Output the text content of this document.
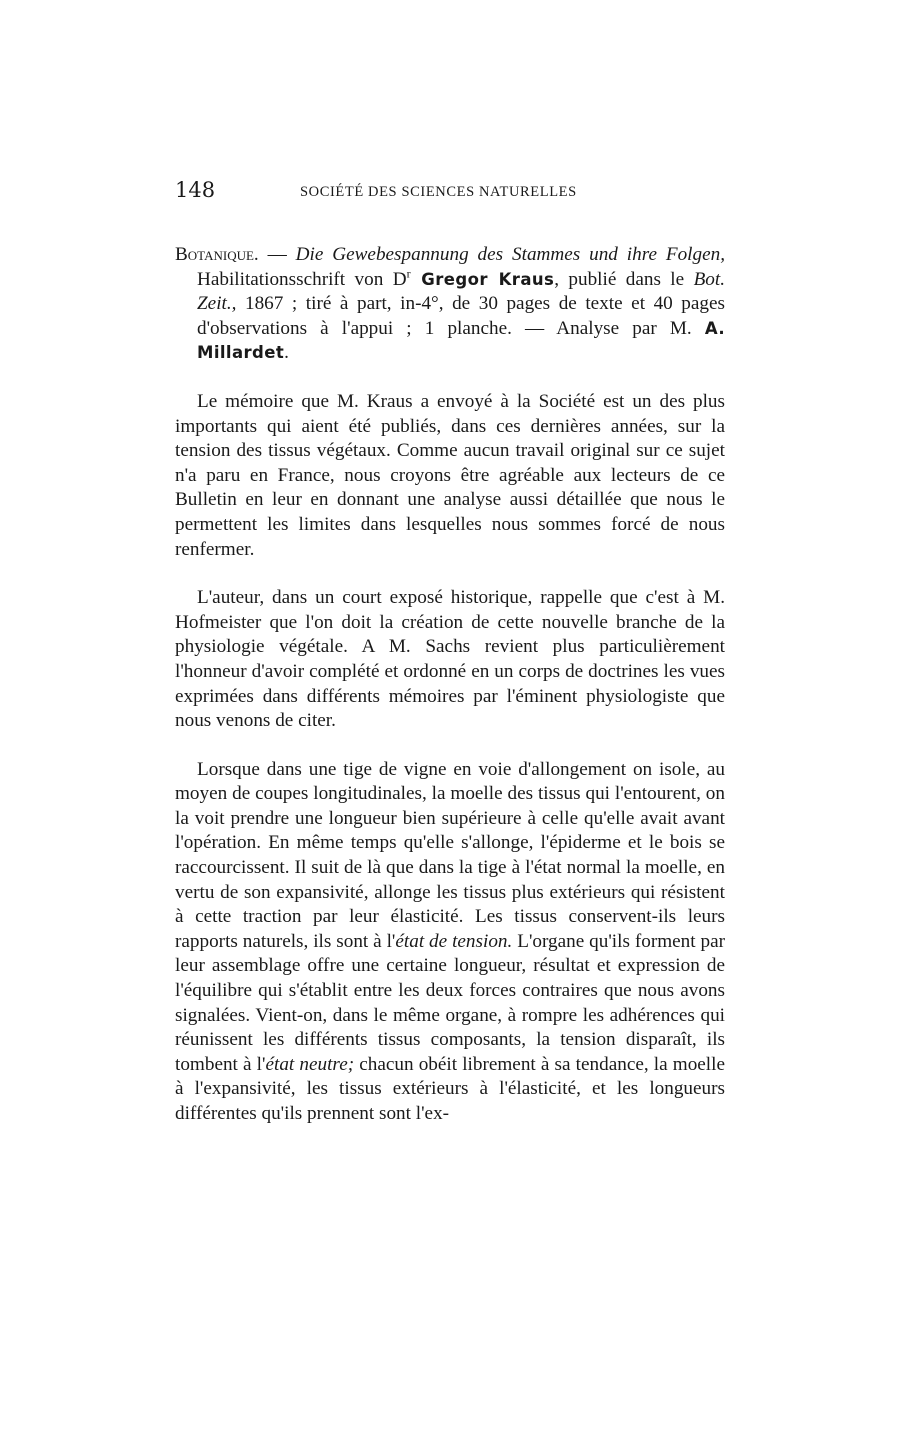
148	SOCIÉTÉ DES SCIENCES NATURELLES

Botanique. — Die Gewebespannung des Stammes und ihre Folgen, Habilitationsschrift von $D^r$ Gregor Kraus, publié dans le Bot. Zeit., 1867 ; tiré à part, in-4°, de 30 pages de texte et 40 pages d'observations à l'appui ; 1 planche. — Analyse par M. A. Millardet.

Le mémoire que M. Kraus a envoyé à la Société est un des plus importants qui aient été publiés, dans ces dernières années, sur la tension des tissus végétaux. Comme aucun travail original sur ce sujet n'a paru en France, nous croyons être agréable aux lecteurs de ce Bulletin en leur en donnant une analyse aussi détaillée que nous le permettent les limites dans lesquelles nous sommes forcé de nous renfermer.

L'auteur, dans un court exposé historique, rappelle que c'est à M. Hofmeister que l'on doit la création de cette nouvelle branche de la physiologie végétale. A M. Sachs revient plus particulièrement l'honneur d'avoir complété et ordonné en un corps de doctrines les vues exprimées dans différents mémoires par l'éminent physiologiste que nous venons de citer.

Lorsque dans une tige de vigne en voie d'allongement on isole, au moyen de coupes longitudinales, la moelle des tissus qui l'entourent, on la voit prendre une longueur bien supérieure à celle qu'elle avait avant l'opération. En même temps qu'elle s'allonge, l'épiderme et le bois se raccourcissent. Il suit de là que dans la tige à l'état normal la moelle, en vertu de son expansivité, allonge les tissus plus extérieurs qui résistent à cette traction par leur élasticité. Les tissus conservent-ils leurs rapports naturels, ils sont à l'état de tension. L'organe qu'ils forment par leur assemblage offre une certaine longueur, résultat et expression de l'équilibre qui s'établit entre les deux forces contraires que nous avons signalées. Vient-on, dans le même organe, à rompre les adhérences qui réunissent les différents tissus composants, la tension disparaît, ils tombent à l'état neutre; chacun obéit librement à sa tendance, la moelle à l'expansivité, les tissus extérieurs à l'élasticité, et les longueurs différentes qu'ils prennent sont l'ex-
